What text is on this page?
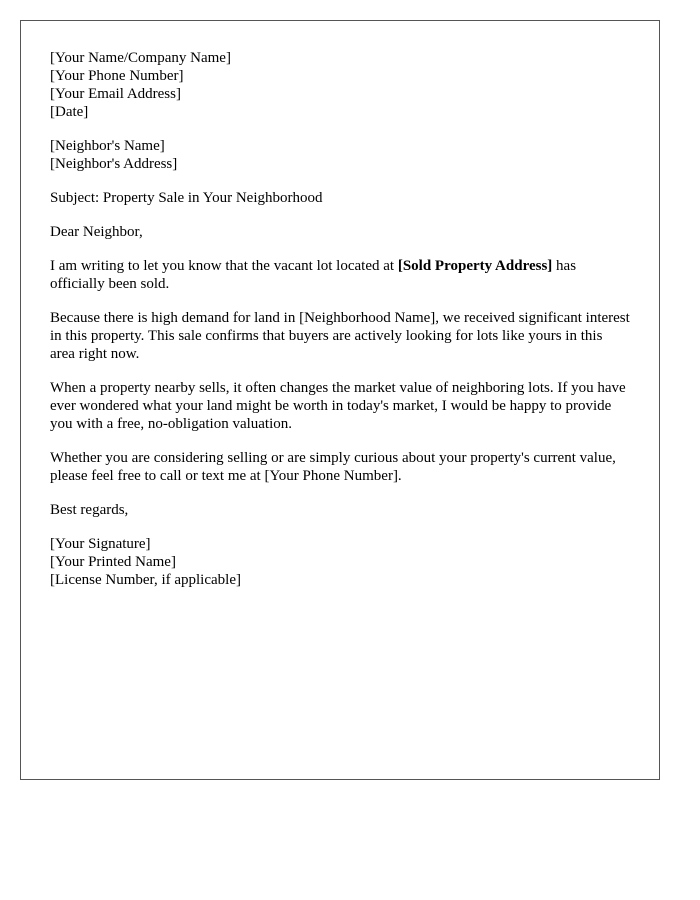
[Your Name/Company Name]
[Your Phone Number]
[Your Email Address]
[Date]
[Neighbor's Name]
[Neighbor's Address]

Subject: Property Sale in Your Neighborhood

Dear Neighbor,

I am writing to let you know that the vacant lot located at [Sold Property Address] has officially been sold.

Because there is high demand for land in [Neighborhood Name], we received significant interest in this property. This sale confirms that buyers are actively looking for lots like yours in this area right now.

When a property nearby sells, it often changes the market value of neighboring lots. If you have ever wondered what your land might be worth in today's market, I would be happy to provide you with a free, no-obligation valuation.

Whether you are considering selling or are simply curious about your property's current value, please feel free to call or text me at [Your Phone Number].

Best regards,

[Your Signature]
[Your Printed Name]
[License Number, if applicable]
